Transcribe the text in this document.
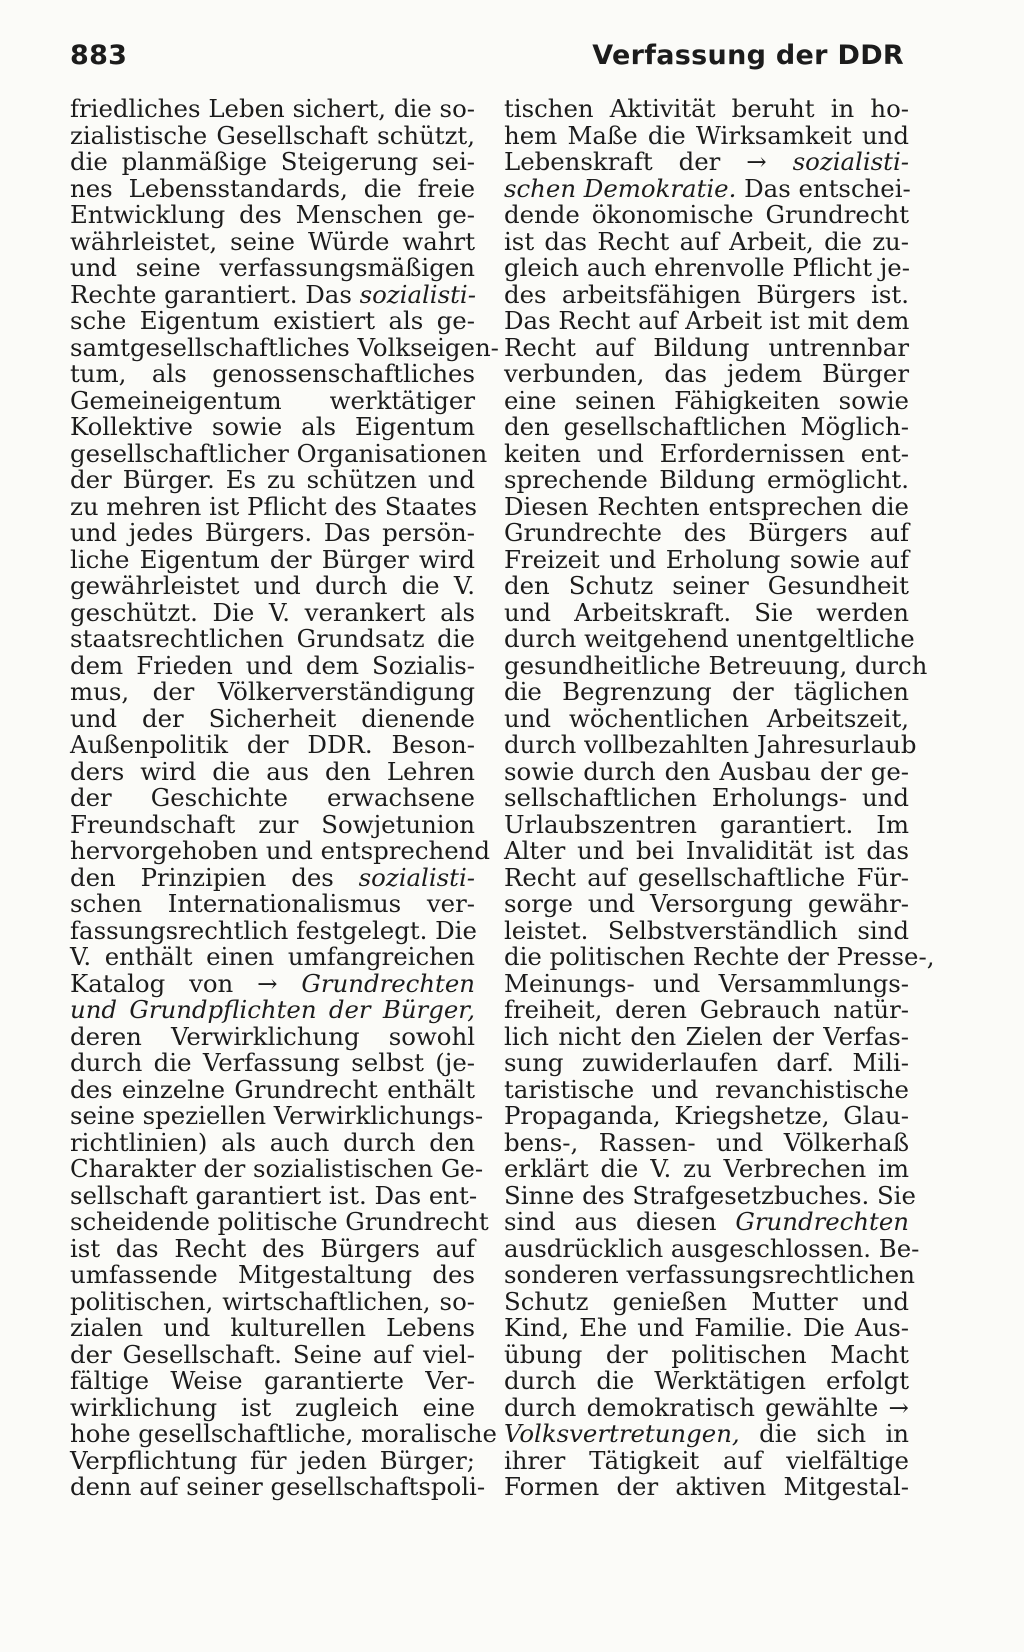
883	Verfassung der DDR
friedliches Leben sichert, die so-
zialistische Gesellschaft schützt,
die planmäßige Steigerung sei-
nes Lebensstandards, die freie
Entwicklung des Menschen ge-
währleistet, seine Würde wahrt
und seine verfassungsmäßigen
Rechte garantiert. Das sozialisti-
sche Eigentum existiert als ge-
samtgesellschaftliches Volkseigen-
tum, als genossenschaftliches
Gemeineigentum werktätiger
Kollektive sowie als Eigentum
gesellschaftlicher Organisationen
der Bürger. Es zu schützen und
zu mehren ist Pflicht des Staates
und jedes Bürgers. Das persön-
liche Eigentum der Bürger wird
gewährleistet und durch die V.
geschützt. Die V. verankert als
staatsrechtlichen Grundsatz die
dem Frieden und dem Sozialis-
mus, der Völkerverständigung
und der Sicherheit dienende
Außenpolitik der DDR. Beson-
ders wird die aus den Lehren
der Geschichte erwachsene
Freundschaft zur Sowjetunion
hervorgehoben und entsprechend
den Prinzipien des sozialisti-
schen Internationalismus ver-
fassungsrechtlich festgelegt. Die
V. enthält einen umfangreichen
Katalog von → Grundrechten
und Grundpflichten der Bürger,
deren Verwirklichung sowohl
durch die Verfassung selbst (je-
des einzelne Grundrecht enthält
seine speziellen Verwirklichungs-
richtlinien) als auch durch den
Charakter der sozialistischen Ge-
sellschaft garantiert ist. Das ent-
scheidende politische Grundrecht
ist das Recht des Bürgers auf
umfassende Mitgestaltung des
politischen, wirtschaftlichen, so-
zialen und kulturellen Lebens
der Gesellschaft. Seine auf viel-
fältige Weise garantierte Ver-
wirklichung ist zugleich eine
hohe gesellschaftliche, moralische
Verpflichtung für jeden Bürger;
denn auf seiner gesellschaftspoli-
tischen Aktivität beruht in ho-
hem Maße die Wirksamkeit und
Lebenskraft der → sozialisti-
schen Demokratie. Das entschei-
dende ökonomische Grundrecht
ist das Recht auf Arbeit, die zu-
gleich auch ehrenvolle Pflicht je-
des arbeitsfähigen Bürgers ist.
Das Recht auf Arbeit ist mit dem
Recht auf Bildung untrennbar
verbunden, das jedem Bürger
eine seinen Fähigkeiten sowie
den gesellschaftlichen Möglich-
keiten und Erfordernissen ent-
sprechende Bildung ermöglicht.
Diesen Rechten entsprechen die
Grundrechte des Bürgers auf
Freizeit und Erholung sowie auf
den Schutz seiner Gesundheit
und Arbeitskraft. Sie werden
durch weitgehend unentgeltliche
gesundheitliche Betreuung, durch
die Begrenzung der täglichen
und wöchentlichen Arbeitszeit,
durch vollbezahlten Jahresurlaub
sowie durch den Ausbau der ge-
sellschaftlichen Erholungs- und
Urlaubszentren garantiert. Im
Alter und bei Invalidität ist das
Recht auf gesellschaftliche Für-
sorge und Versorgung gewähr-
leistet. Selbstverständlich sind
die politischen Rechte der Presse-,
Meinungs- und Versammlungs-
freiheit, deren Gebrauch natür-
lich nicht den Zielen der Verfas-
sung zuwiderlaufen darf. Mili-
taristische und revanchistische
Propaganda, Kriegshetze, Glau-
bens-, Rassen- und Völkerhaß
erklärt die V. zu Verbrechen im
Sinne des Strafgesetzbuches. Sie
sind aus diesen Grundrechten
ausdrücklich ausgeschlossen. Be-
sonderen verfassungsrechtlichen
Schutz genießen Mutter und
Kind, Ehe und Familie. Die Aus-
übung der politischen Macht
durch die Werktätigen erfolgt
durch demokratisch gewählte →
Volksvertretungen, die sich in
ihrer Tätigkeit auf vielfältige
Formen der aktiven Mitgestal-
